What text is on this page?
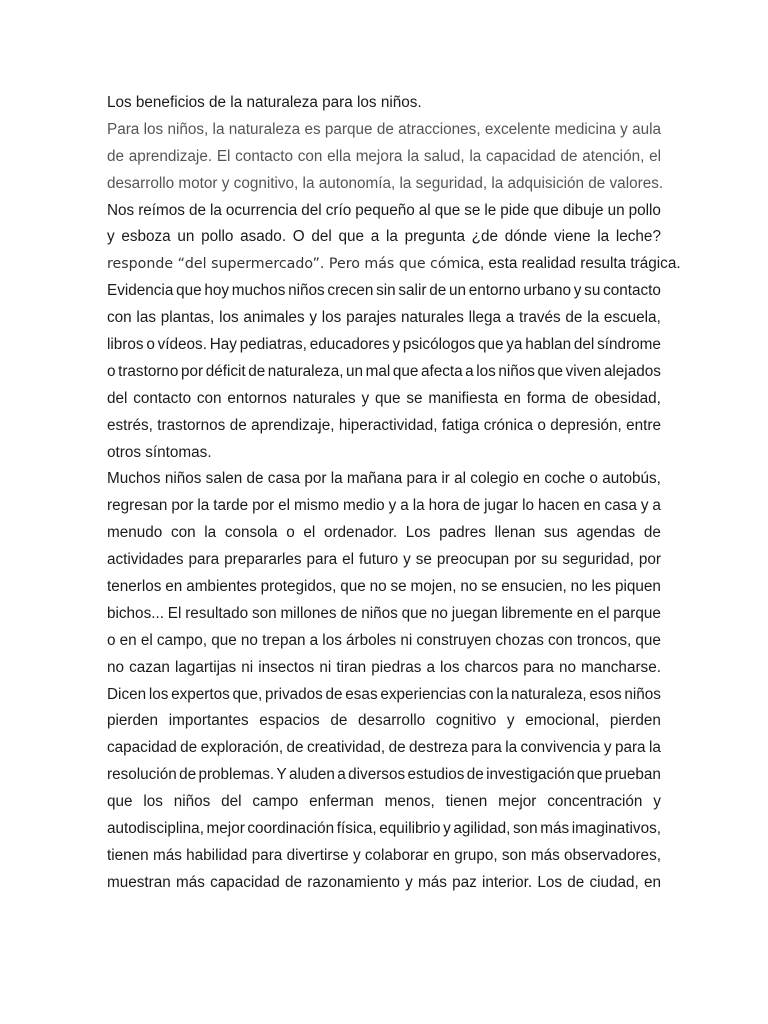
Los beneficios de la naturaleza para los niños.
Para los niños, la naturaleza es parque de atracciones, excelente medicina y aula
de aprendizaje. El contacto con ella mejora la salud, la capacidad de atención, el
desarrollo motor y cognitivo, la autonomía, la seguridad, la adquisición de valores.
Nos reímos de la ocurrencia del crío pequeño al que se le pide que dibuje un pollo
y esboza un pollo asado. O del que a la pregunta ¿de dónde viene la leche?
responde “del supermercado”. Pero más que cómica, esta realidad resulta trágica.
Evidencia que hoy muchos niños crecen sin salir de un entorno urbano y su contacto
con las plantas, los animales y los parajes naturales llega a través de la escuela,
libros o vídeos. Hay pediatras, educadores y psicólogos que ya hablan del síndrome
o trastorno por déficit de naturaleza, un mal que afecta a los niños que viven alejados
del contacto con entornos naturales y que se manifiesta en forma de obesidad,
estrés, trastornos de aprendizaje, hiperactividad, fatiga crónica o depresión, entre
otros síntomas.
Muchos niños salen de casa por la mañana para ir al colegio en coche o autobús,
regresan por la tarde por el mismo medio y a la hora de jugar lo hacen en casa y a
menudo con la consola o el ordenador. Los padres llenan sus agendas de
actividades para prepararles para el futuro y se preocupan por su seguridad, por
tenerlos en ambientes protegidos, que no se mojen, no se ensucien, no les piquen
bichos... El resultado son millones de niños que no juegan libremente en el parque
o en el campo, que no trepan a los árboles ni construyen chozas con troncos, que
no cazan lagartijas ni insectos ni tiran piedras a los charcos para no mancharse.
Dicen los expertos que, privados de esas experiencias con la naturaleza, esos niños
pierden importantes espacios de desarrollo cognitivo y emocional, pierden
capacidad de exploración, de creatividad, de destreza para la convivencia y para la
resolución de problemas. Y aluden a diversos estudios de investigación que prueban
que los niños del campo enferman menos, tienen mejor concentración y
autodisciplina, mejor coordinación física, equilibrio y agilidad, son más imaginativos,
tienen más habilidad para divertirse y colaborar en grupo, son más observadores,
muestran más capacidad de razonamiento y más paz interior. Los de ciudad, en
